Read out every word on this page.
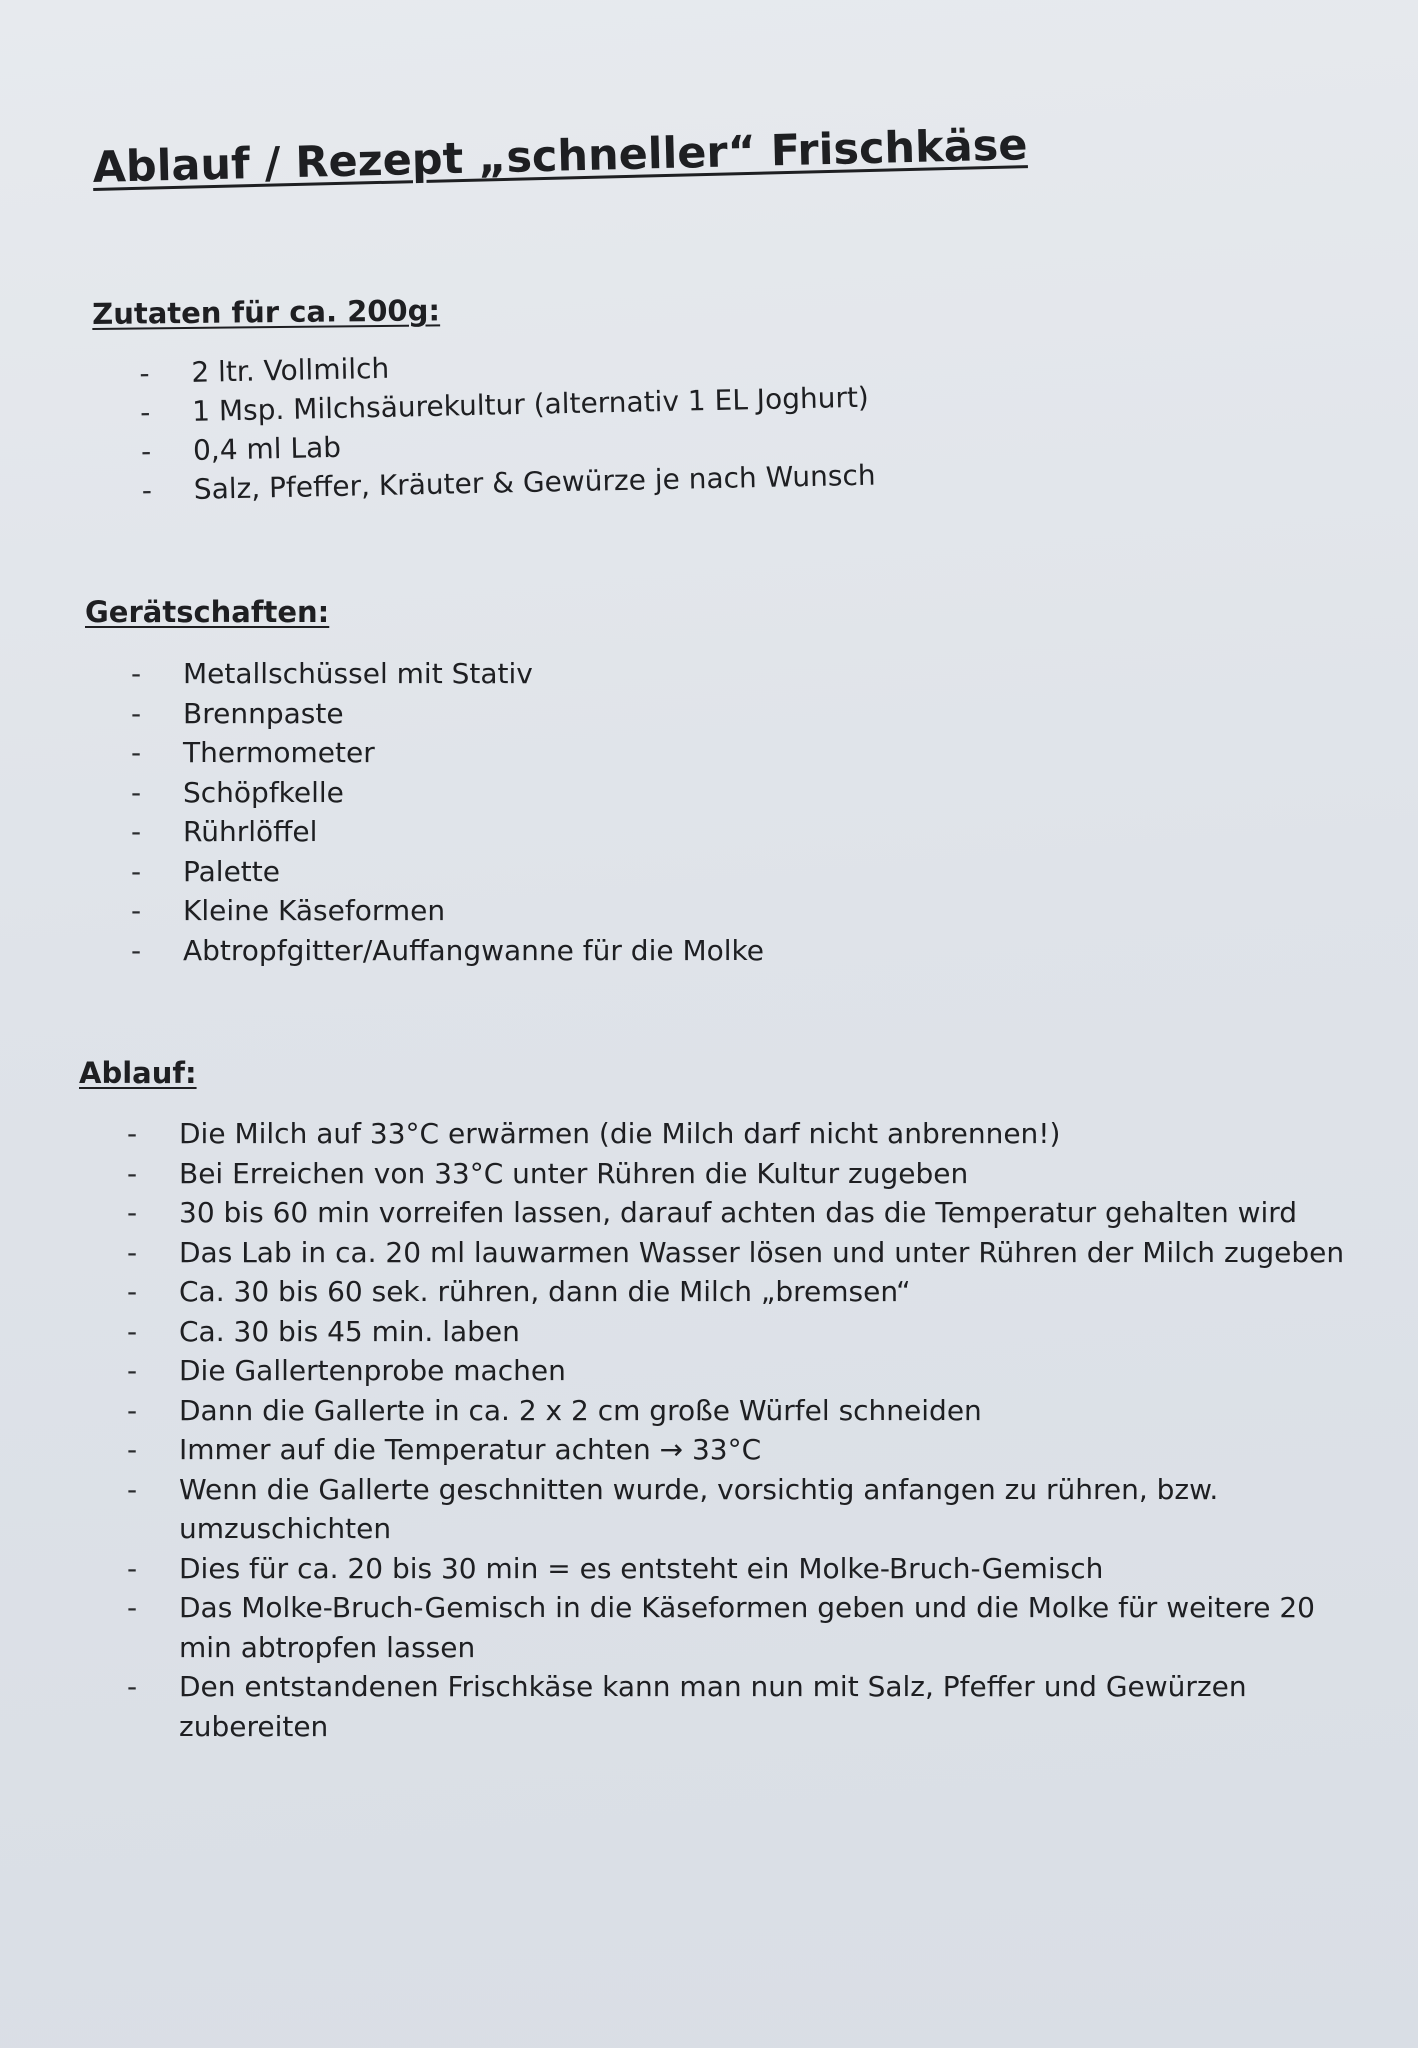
Ablauf / Rezept „schneller“ Frischkäse
Zutaten für ca. 200g:
-	2 ltr. Vollmilch
-	1 Msp. Milchsäurekultur (alternativ 1 EL Joghurt)
-	0,4 ml Lab
-	Salz, Pfeffer, Kräuter & Gewürze je nach Wunsch
Gerätschaften:
-	Metallschüssel mit Stativ
-	Brennpaste
-	Thermometer
-	Schöpfkelle
-	Rührlöffel
-	Palette
-	Kleine Käseformen
-	Abtropfgitter/Auffangwanne für die Molke
Ablauf:
-	Die Milch auf 33°C erwärmen (die Milch darf nicht anbrennen!)
-	Bei Erreichen von 33°C unter Rühren die Kultur zugeben
-	30 bis 60 min vorreifen lassen, darauf achten das die Temperatur gehalten wird
-	Das Lab in ca. 20 ml lauwarmen Wasser lösen und unter Rühren der Milch zugeben
-	Ca. 30 bis 60 sek. rühren, dann die Milch „bremsen“
-	Ca. 30 bis 45 min. laben
-	Die Gallertenprobe machen
-	Dann die Gallerte in ca. 2 x 2 cm große Würfel schneiden
-	Immer auf die Temperatur achten → 33°C
-	Wenn die Gallerte geschnitten wurde, vorsichtig anfangen zu rühren, bzw. umzuschichten
-	Dies für ca. 20 bis 30 min = es entsteht ein Molke-Bruch-Gemisch
-	Das Molke-Bruch-Gemisch in die Käseformen geben und die Molke für weitere 20 min abtropfen lassen
-	Den entstandenen Frischkäse kann man nun mit Salz, Pfeffer und Gewürzen zubereiten
